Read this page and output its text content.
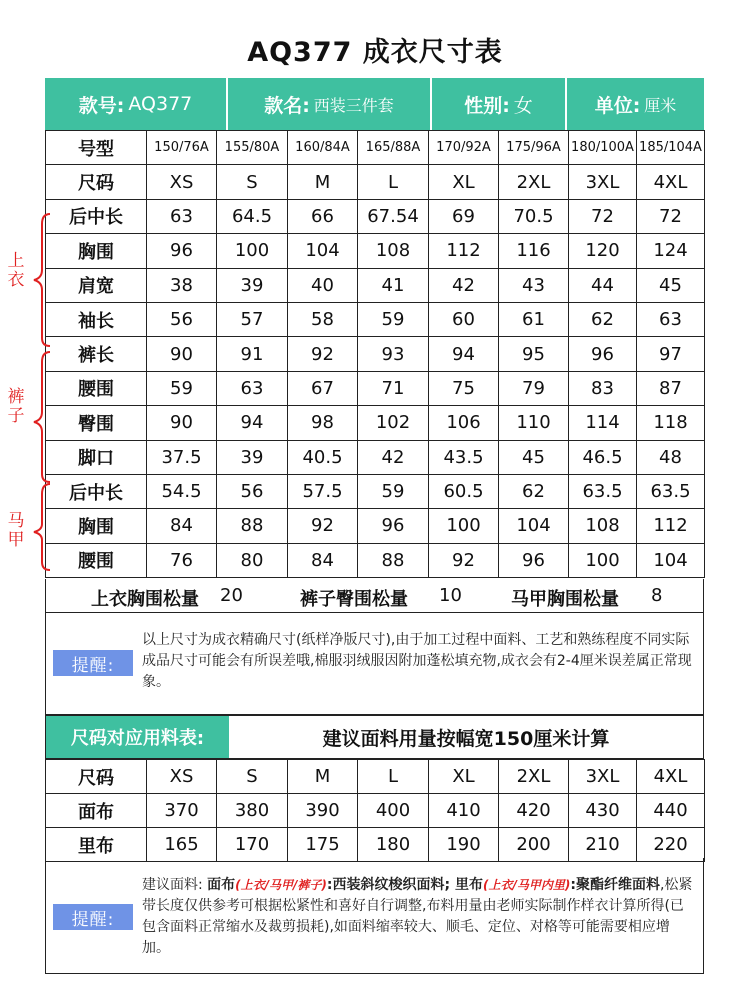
AQ377 成衣尺寸表
款号: AQ377	款名: 西装三件套	性别: 女	单位: 厘米
号型	150/76A	155/80A	160/84A	165/88A	170/92A	175/96A	180/100A	185/104A
尺码	XS	S	M	L	XL	2XL	3XL	4XL
后中长	63	64.5	66	67.54	69	70.5	72	72
胸围	96	100	104	108	112	116	120	124
肩宽	38	39	40	41	42	43	44	45
袖长	56	57	58	59	60	61	62	63
裤长	90	91	92	93	94	95	96	97
腰围	59	63	67	71	75	79	83	87
臀围	90	94	98	102	106	110	114	118
脚口	37.5	39	40.5	42	43.5	45	46.5	48
后中长	54.5	56	57.5	59	60.5	62	63.5	63.5
胸围	84	88	92	96	100	104	108	112
腰围	76	80	84	88	92	96	100	104
上衣
裤子
马甲
上衣胸围松量 20	裤子臀围松量 10	马甲胸围松量 8
提醒:
以上尺寸为成衣精确尺寸(纸样净版尺寸),由于加工过程中面料、工艺和熟练程度不同实际成品尺寸可能会有所误差哦,棉服羽绒服因附加蓬松填充物,成衣会有2-4厘米误差属正常现象。
尺码对应用料表:	建议面料用量按幅宽150厘米计算
尺码	XS	S	M	L	XL	2XL	3XL	4XL
面布	370	380	390	400	410	420	430	440
里布	165	170	175	180	190	200	210	220
提醒:
建议面料: 面布(上衣/马甲/裤子):西装斜纹梭织面料; 里布(上衣/马甲内里):聚酯纤维面料,松紧带长度仅供参考可根据松紧性和喜好自行调整,布料用量由老师实际制作样衣计算所得(已包含面料正常缩水及裁剪损耗),如面料缩率较大、顺毛、定位、对格等可能需要相应增加。
